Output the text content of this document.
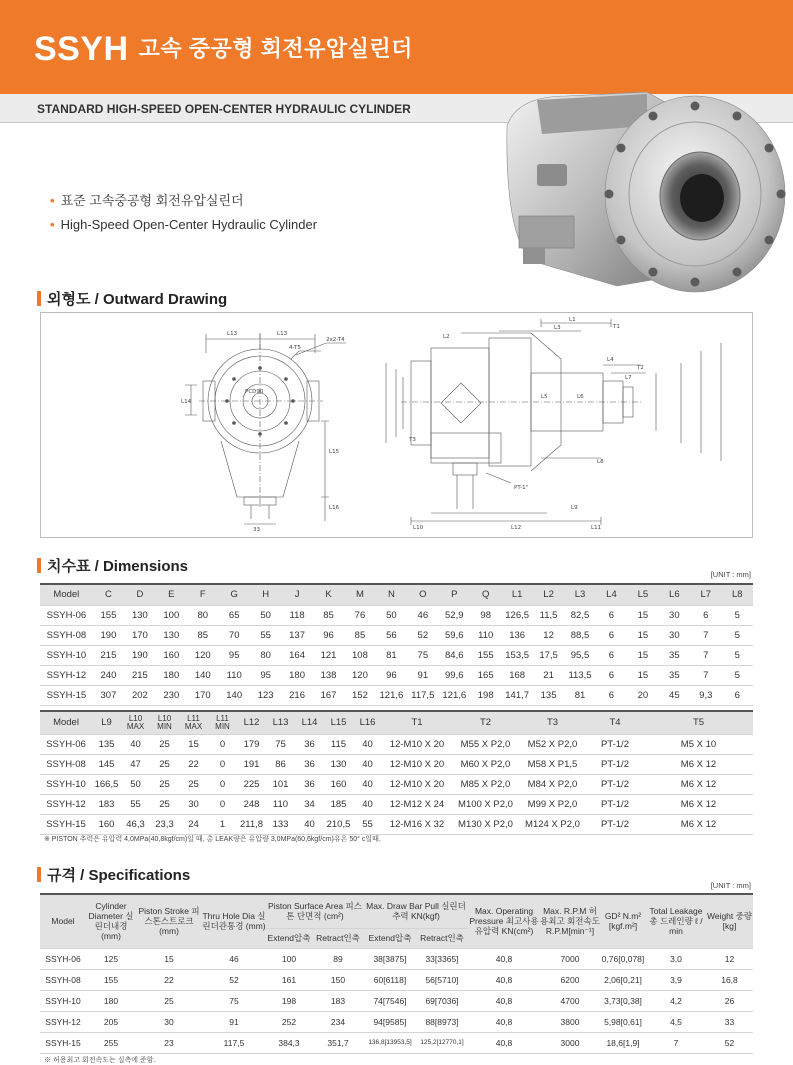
SSYH 고속 중공형 회전유압실린더
STANDARD HIGH-SPEED OPEN-CENTER HYDRAULIC CYLINDER
• 표준 고속중공형 회전유압실린더
• High-Speed Open-Center Hydraulic Cylinder
외형도 / Outward Drawing
L13	L13
4-T5
2x2-T4
PCD90
L14
L15
L16
33
L1
L3
L2
T1
L4
T2
L5	L6
L7
T3
L8
L9
L10	L12	L11
PT-1"
치수표 / Dimensions	[UNIT : mm]
Model	C	D	E	F	G	H	J	K	M	N	O	P	Q	L1	L2	L3	L4	L5	L6	L7	L8
SSYH-06	155	130	100	80	65	50	118	85	76	50	46	52,9	98	126,5	11,5	82,5	6	15	30	6	5
SSYH-08	190	170	130	85	70	55	137	96	85	56	52	59,6	110	136	12	88,5	6	15	30	7	5
SSYH-10	215	190	160	120	95	80	164	121	108	81	75	84,6	155	153,5	17,5	95,5	6	15	35	7	5
SSYH-12	240	215	180	140	110	95	180	138	120	96	91	99,6	165	168	21	113,5	6	15	35	7	5
SSYH-15	307	202	230	170	140	123	216	167	152	121,6	117,5	121,6	198	141,7	135	81	6	20	45	9,3	6
Model	L9	L10 MAX	L10 MIN	L11 MAX	L11 MIN	L12	L13	L14	L15	L16	T1	T2	T3	T4	T5
SSYH-06	135	40	25	15	0	179	75	36	115	40	12-M10 X 20	M55 X P2,0	M52 X P2,0	PT-1/2	M5 X 10
SSYH-08	145	47	25	22	0	191	86	36	130	40	12-M10 X 20	M60 X P2,0	M58 X P1,5	PT-1/2	M6 X 12
SSYH-10	166,5	50	25	25	0	225	101	36	160	40	12-M10 X 20	M85 X P2,0	M84 X P2,0	PT-1/2	M6 X 12
SSYH-12	183	55	25	30	0	248	110	34	185	40	12-M12 X 24	M100 X P2,0	M99 X P2,0	PT-1/2	M6 X 12
SSYH-15	160	46,3	23,3	24	1	211,8	133	40	210,5	55	12-M16 X 32	M130 X P2,0	M124 X P2,0	PT-1/2	M6 X 12
※ PISTON 추력은 유압력 4,0MPa(40,8kgf/cm)일 때, 총 LEAK량은 유압량 3,0MPa(60,6kgf/cm)유온 50° c일때.
규격 / Specifications
[UNIT : mm]
Model	Cylinder Diameter 실린더내경 (mm)	Piston Stroke 피스톤스트로크 (mm)	Thru Hole Dia 실린더관통경 (mm)	Piston Surface Area 피스톤 단면적 (cm²)		Max. Draw Bar Pull 실린더 추력 KN(kgf)		Max. Operating Pressure 최고사용유압력 KN(cm²)	Max. R.P.M 허용최고 회전속도 R.P.M[min⁻¹]	GD² N.m² [kgf.m²]	Total Leakage 총 드레인량 ℓ / min	Weight 중량 [kg]
				Extend압축	Retract인축	Extend압축	Retract인축					
SSYH-06	125	15	46	100	89	38[3875]	33[3365]	40,8	7000	0,76[0,078]	3,0	12
SSYH-08	155	22	52	161	150	60[6118]	56[5710]	40,8	6200	2,06[0,21]	3,9	16,8
SSYH-10	180	25	75	198	183	74[7546]	69[7036]	40,8	4700	3,73[0,38]	4,2	26
SSYH-12	205	30	91	252	234	94[9585]	88[8973]	40,8	3800	5,98[0,61]	4,5	33
SSYH-15	255	23	117,5	384,3	351,7	136,8[13953,5]	125,2[12770,1]	40,8	3000	18,6[1,9]	7	52
※ 허용최고 회전속도는 실측에 준함.
